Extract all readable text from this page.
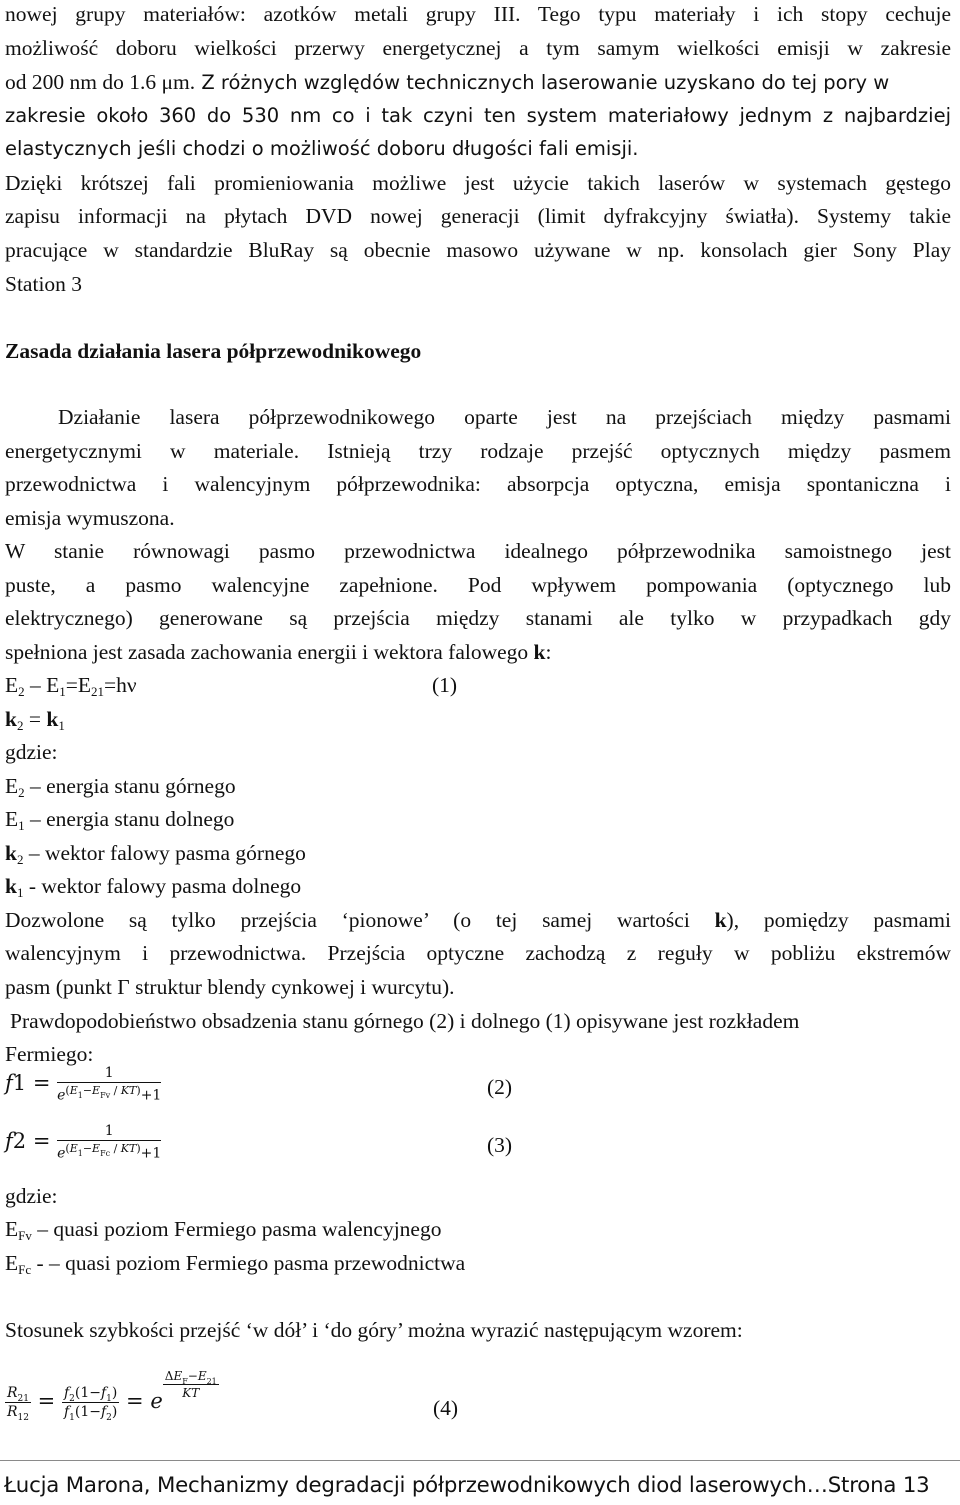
nowej grupy materiałów: azotków metali grupy III. Tego typu materiały i ich stopy cechuje
możliwość doboru wielkości przerwy energetycznej a tym samym wielkości emisji w zakresie
od 200 nm do 1.6 μm. Z różnych względów technicznych laserowanie uzyskano do tej pory w
zakresie około 360 do 530 nm co i tak czyni ten system materiałowy jednym z najbardziej
elastycznych jeśli chodzi o możliwość doboru długości fali emisji.
Dzięki krótszej fali promieniowania możliwe jest użycie takich laserów w systemach gęstego
zapisu informacji na płytach DVD nowej generacji (limit dyfrakcyjny światła). Systemy takie
pracujące w standardzie BluRay są obecnie masowo używane w np. konsolach gier Sony Play
Station 3
Zasada działania lasera półprzewodnikowego
Działanie lasera półprzewodnikowego oparte jest na przejściach między pasmami
energetycznymi w materiale. Istnieją trzy rodzaje przejść optycznych między pasmem
przewodnictwa i walencyjnym półprzewodnika: absorpcja optyczna, emisja spontaniczna i
emisja wymuszona.
W stanie równowagi pasmo przewodnictwa idealnego półprzewodnika samoistnego jest
puste, a pasmo walencyjne zapełnione. Pod wpływem pompowania (optycznego lub
elektrycznego) generowane są przejścia między stanami ale tylko w przypadkach gdy
spełniona jest zasada zachowania energii i wektora falowego k:
$E_2 - E_1=E_{21}=h\nu$	(1)
$k_2 = k_1$
gdzie:
$E_2$ – energia stanu górnego
$E_1$ – energia stanu dolnego
$k_2$ – wektor falowy pasma górnego
$k_1$ - wektor falowy pasma dolnego
Dozwolone są tylko przejścia ‘pionowe’ (o tej samej wartości k), pomiędzy pasmami
walencyjnym i przewodnictwa. Przejścia optyczne zachodzą z reguły w pobliżu ekstremów
pasm (punkt Γ struktur blendy cynkowej i wurcytu).
Prawdopodobieństwo obsadzenia stanu górnego (2) i dolnego (1) opisywane jest rozkładem
Fermiego:
$f1 = \frac{1}{e^{(E_1-E_{Fv} / KT)}+1}$	(2)
$f2 = \frac{1}{e^{(E_1-E_{Fc} / KT)}+1}$	(3)
gdzie:
$E_{Fv}$ – quasi poziom Fermiego pasma walencyjnego
$E_{Fc}$ - – quasi poziom Fermiego pasma przewodnictwa
Stosunek szybkości przejść ‘w dół’ i ‘do góry’ można wyrazić następującym wzorem:
$\frac{R_{21}}{R_{12}} = \frac{f_2(1-f_1)}{f_1(1-f_2)} = e$
$^{\frac{\Delta E_F-E_{21}}{KT}}$
(4)
Łucja Marona, Mechanizmy degradacji półprzewodnikowych diod laserowych…Strona 13
